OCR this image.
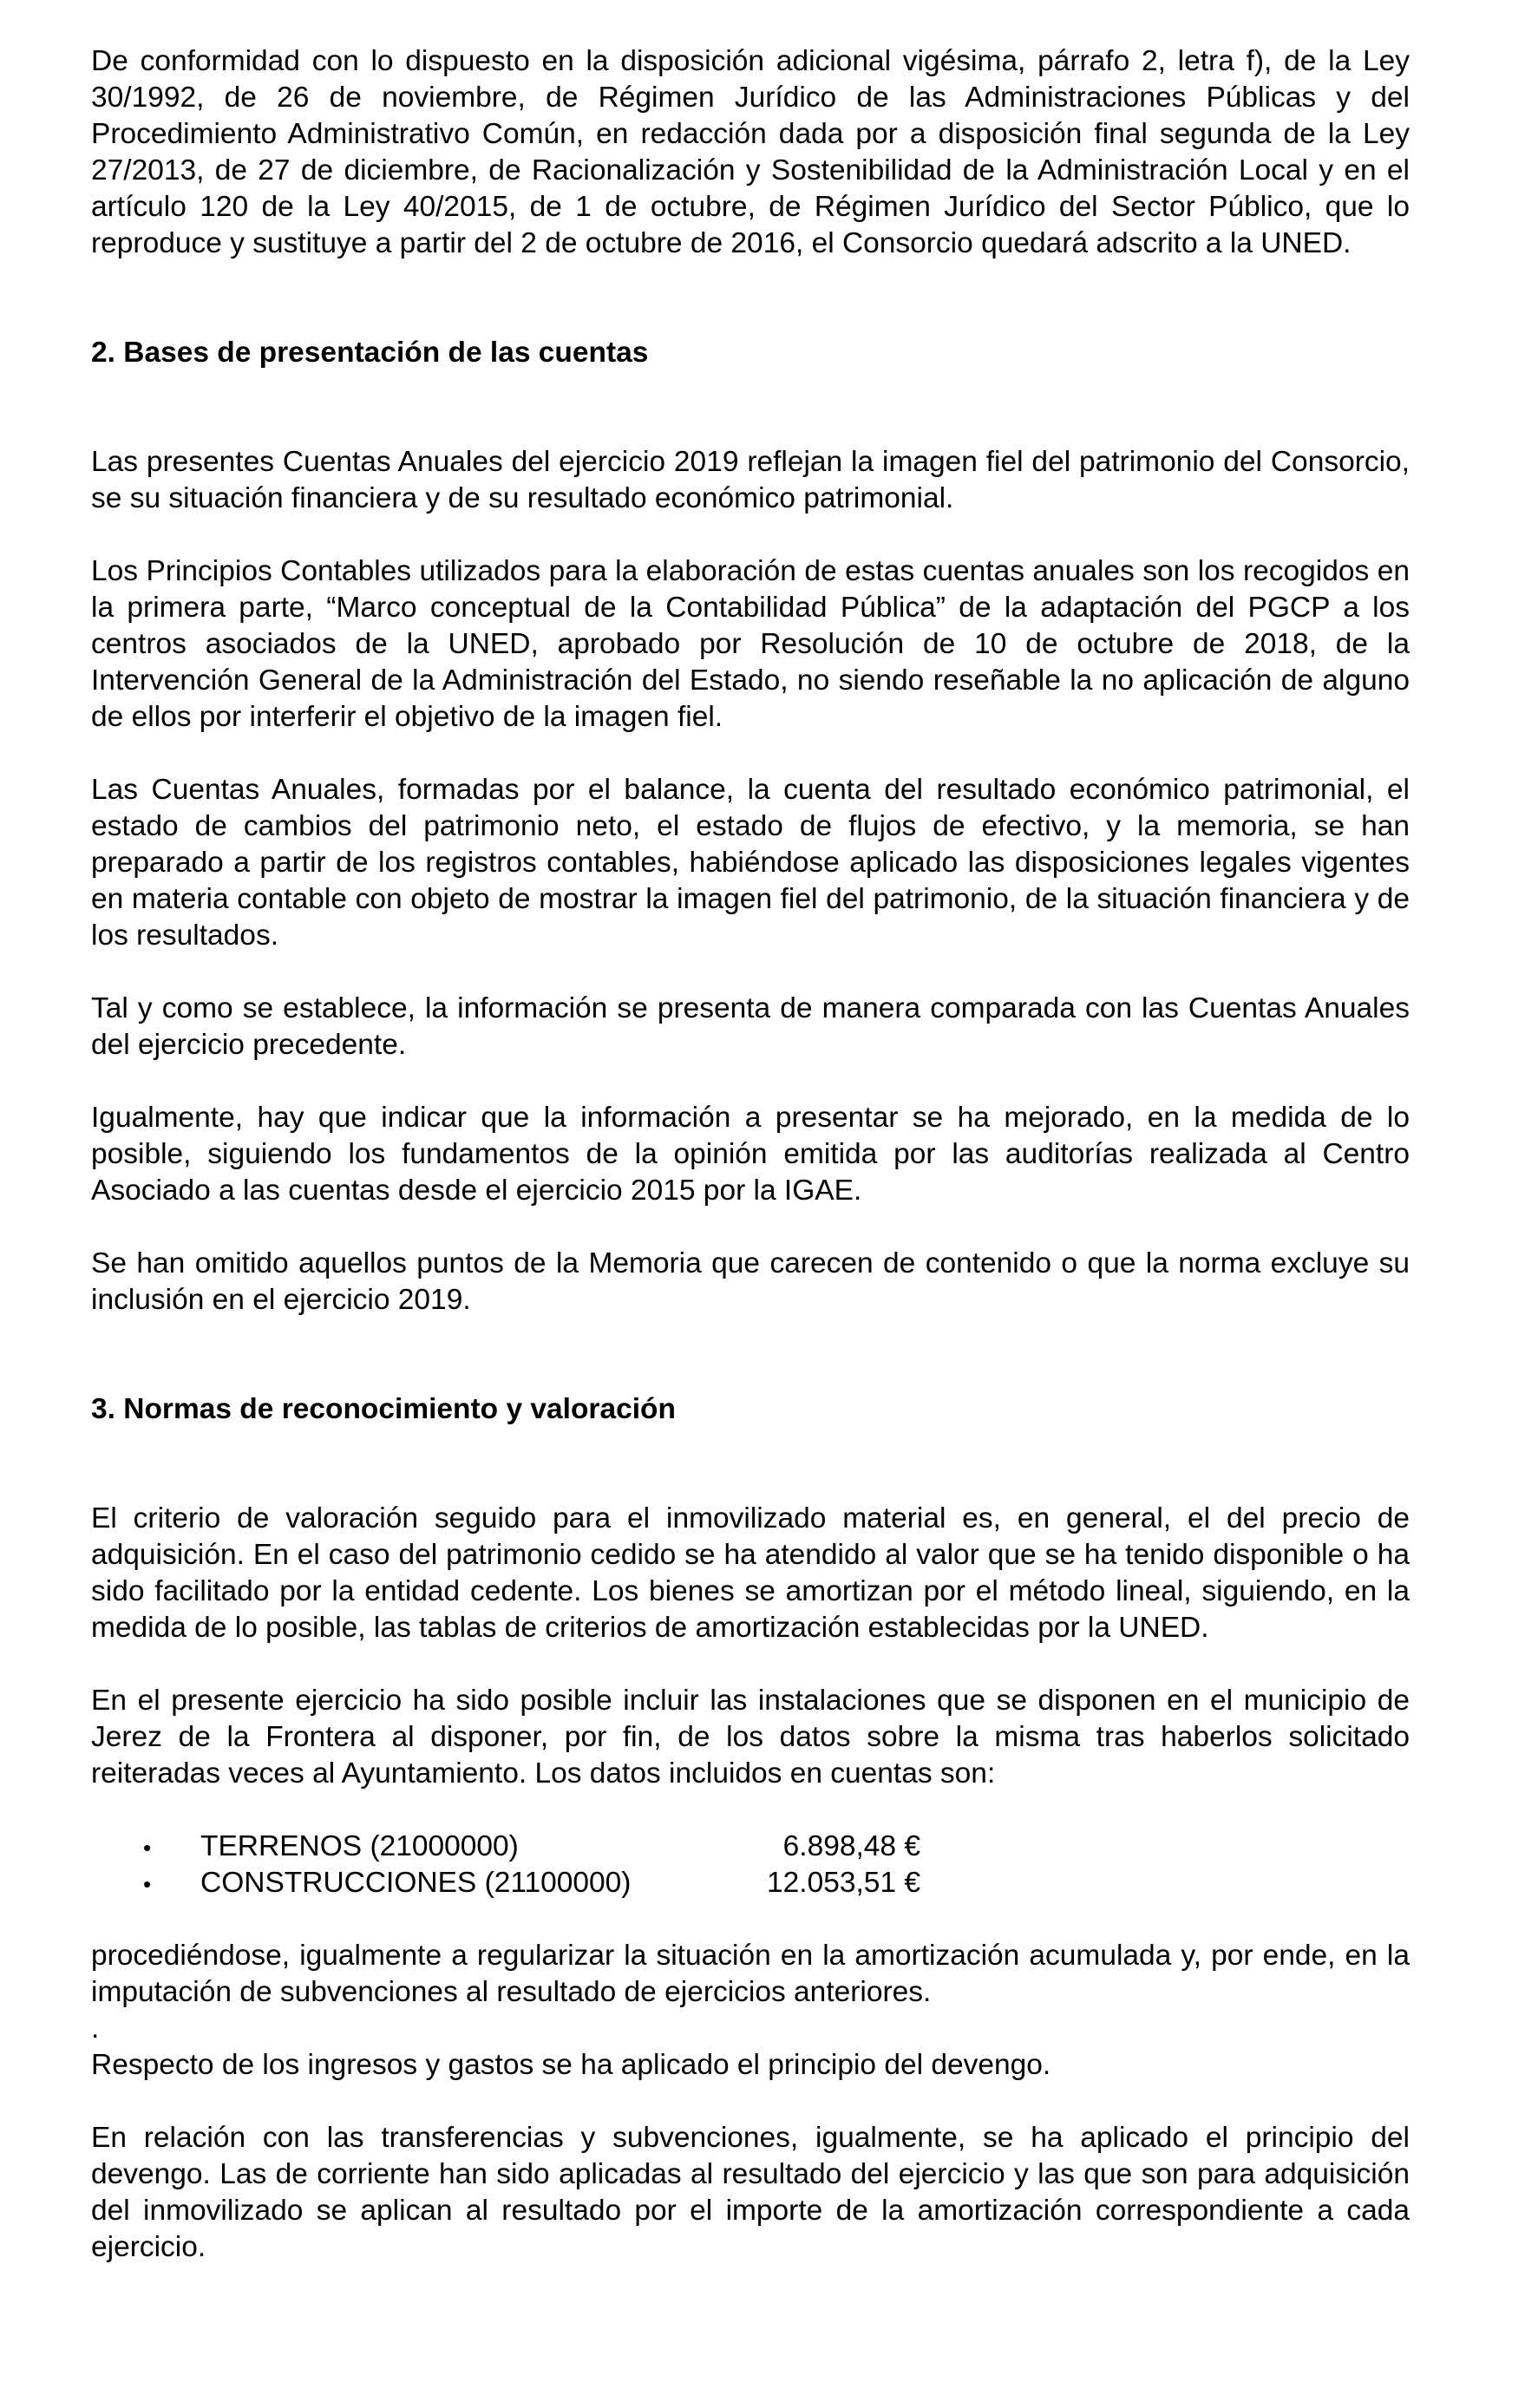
De conformidad con lo dispuesto en la disposición adicional vigésima, párrafo 2, letra f), de la Ley 30/1992, de 26 de noviembre, de Régimen Jurídico de las Administraciones Públicas y del Procedimiento Administrativo Común, en redacción dada por a disposición final segunda de la Ley 27/2013, de 27 de diciembre, de Racionalización y Sostenibilidad de la Administración Local y en el artículo 120 de la Ley 40/2015, de 1 de octubre, de Régimen Jurídico del Sector Público, que lo reproduce y sustituye a partir del 2 de octubre de 2016, el Consorcio quedará adscrito a la UNED.

2. Bases de presentación de las cuentas

Las presentes Cuentas Anuales del ejercicio 2019 reflejan la imagen fiel del patrimonio del Consorcio, se su situación financiera y de su resultado económico patrimonial.

Los Principios Contables utilizados para la elaboración de estas cuentas anuales son los recogidos en la primera parte, “Marco conceptual de la Contabilidad Pública” de la adaptación del PGCP a los centros asociados de la UNED, aprobado por Resolución de 10 de octubre de 2018, de la Intervención General de la Administración del Estado, no siendo reseñable la no aplicación de alguno de ellos por interferir el objetivo de la imagen fiel.

Las Cuentas Anuales, formadas por el balance, la cuenta del resultado económico patrimonial, el estado de cambios del patrimonio neto, el estado de flujos de efectivo, y la memoria, se han preparado a partir de los registros contables, habiéndose aplicado las disposiciones legales vigentes en materia contable con objeto de mostrar la imagen fiel del patrimonio, de la situación financiera y de los resultados.

Tal y como se establece, la información se presenta de manera comparada con las Cuentas Anuales del ejercicio precedente.

Igualmente, hay que indicar que la información a presentar se ha mejorado, en la medida de lo posible, siguiendo los fundamentos de la opinión emitida por las auditorías realizada al Centro Asociado a las cuentas desde el ejercicio 2015 por la IGAE.

Se han omitido aquellos puntos de la Memoria que carecen de contenido o que la norma excluye su inclusión en el ejercicio 2019.

3. Normas de reconocimiento y valoración

El criterio de valoración seguido para el inmovilizado material es, en general, el del precio de adquisición. En el caso del patrimonio cedido se ha atendido al valor que se ha tenido disponible o ha sido facilitado por la entidad cedente. Los bienes se amortizan por el método lineal, siguiendo, en la medida de lo posible, las tablas de criterios de amortización establecidas por la UNED.

En el presente ejercicio ha sido posible incluir las instalaciones que se disponen en el municipio de Jerez de la Frontera al disponer, por fin, de los datos sobre la misma tras haberlos solicitado reiteradas veces al Ayuntamiento. Los datos incluidos en cuentas son:

•	TERRENOS (21000000)	6.898,48 €
•	CONSTRUCCIONES (21100000)	12.053,51 €

procediéndose, igualmente a regularizar la situación en la amortización acumulada y, por ende, en la imputación de subvenciones al resultado de ejercicios anteriores.

.

Respecto de los ingresos y gastos se ha aplicado el principio del devengo.

En relación con las transferencias y subvenciones, igualmente, se ha aplicado el principio del devengo. Las de corriente han sido aplicadas al resultado del ejercicio y las que son para adquisición del inmovilizado se aplican al resultado por el importe de la amortización correspondiente a cada ejercicio.
